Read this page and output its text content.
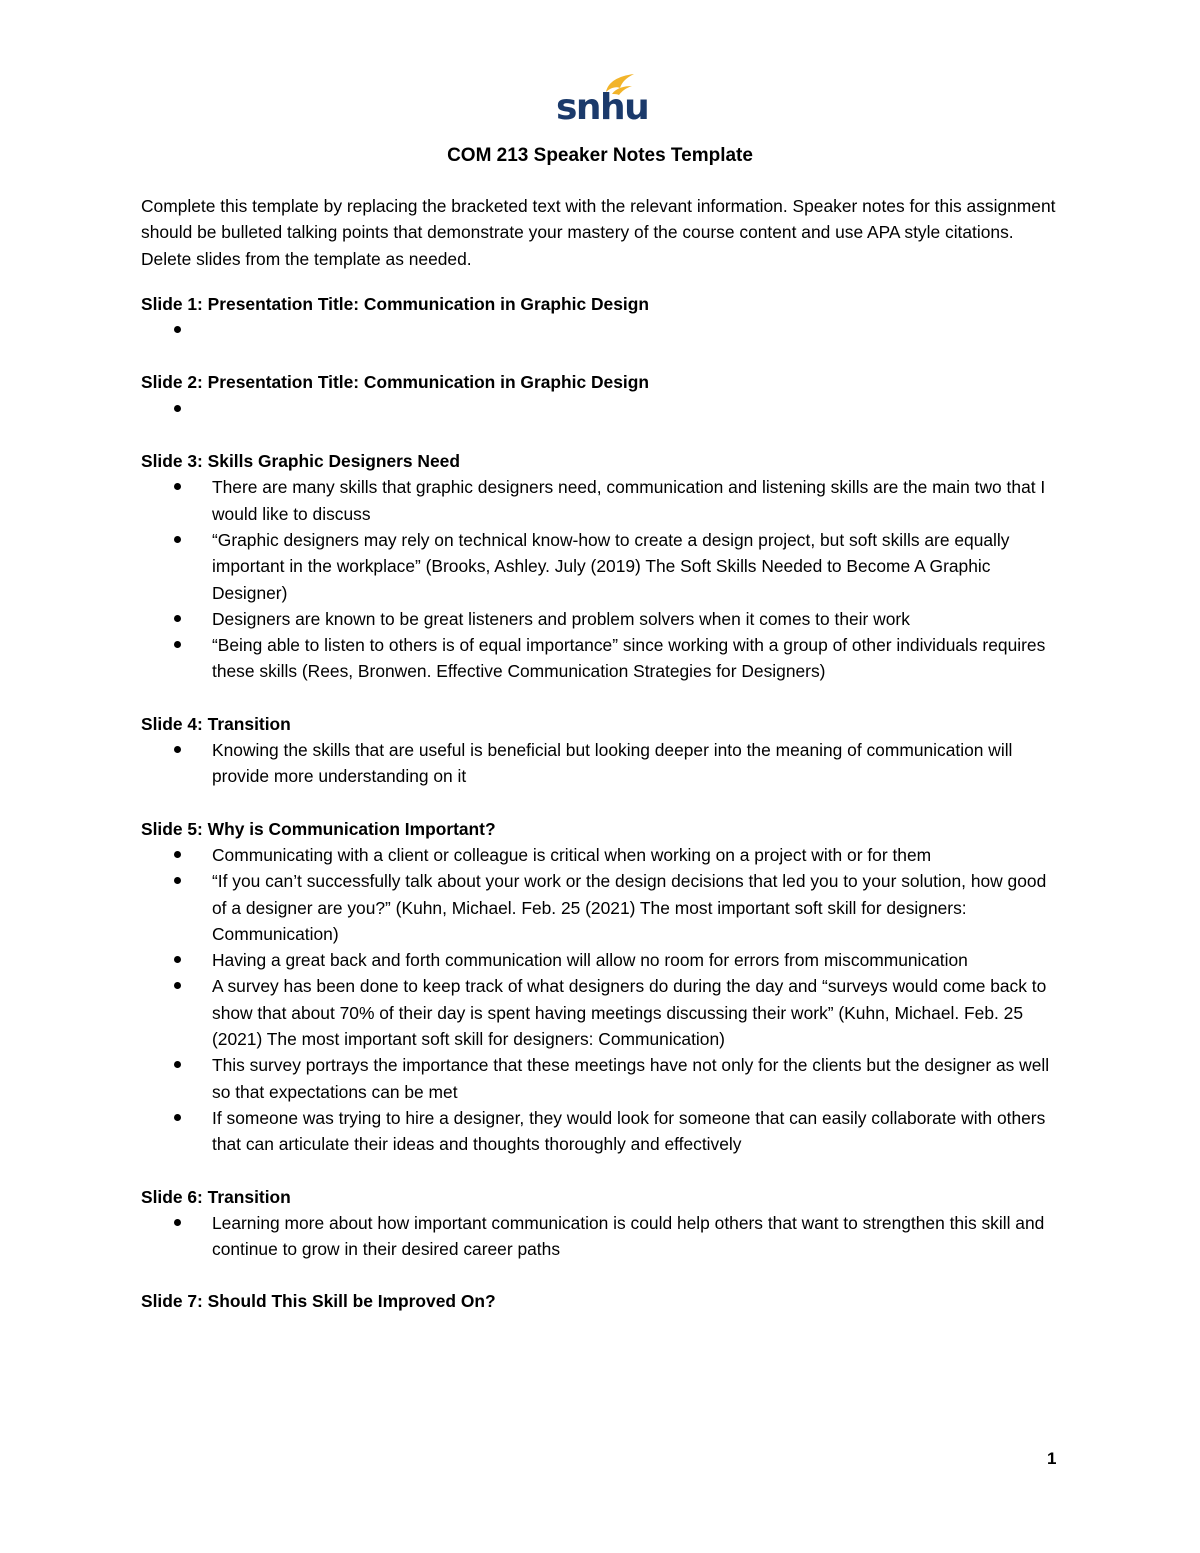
snhu
COM 213 Speaker Notes Template

Complete this template by replacing the bracketed text with the relevant information. Speaker notes for this assignment should be bulleted talking points that demonstrate your mastery of the course content and use APA style citations. Delete slides from the template as needed.

Slide 1: Presentation Title: Communication in Graphic Design

Slide 2: Presentation Title: Communication in Graphic Design

Slide 3: Skills Graphic Designers Need

There are many skills that graphic designers need, communication and listening skills are the main two that I would like to discuss
“Graphic designers may rely on technical know-how to create a design project, but soft skills are equally important in the workplace” (Brooks, Ashley. July (2019) The Soft Skills Needed to Become A Graphic Designer)
Designers are known to be great listeners and problem solvers when it comes to their work
“Being able to listen to others is of equal importance” since working with a group of other individuals requires these skills (Rees, Bronwen. Effective Communication Strategies for Designers)

Slide 4: Transition

Knowing the skills that are useful is beneficial but looking deeper into the meaning of communication will provide more understanding on it

Slide 5: Why is Communication Important?

Communicating with a client or colleague is critical when working on a project with or for them
“If you can’t successfully talk about your work or the design decisions that led you to your solution, how good of a designer are you?” (Kuhn, Michael. Feb. 25 (2021) The most important soft skill for designers: Communication)
Having a great back and forth communication will allow no room for errors from miscommunication
A survey has been done to keep track of what designers do during the day and “surveys would come back to show that about 70% of their day is spent having meetings discussing their work” (Kuhn, Michael. Feb. 25 (2021) The most important soft skill for designers: Communication)
This survey portrays the importance that these meetings have not only for the clients but the designer as well so that expectations can be met
If someone was trying to hire a designer, they would look for someone that can easily collaborate with others that can articulate their ideas and thoughts thoroughly and effectively

Slide 6: Transition

Learning more about how important communication is could help others that want to strengthen this skill and continue to grow in their desired career paths

Slide 7: Should This Skill be Improved On?

1
